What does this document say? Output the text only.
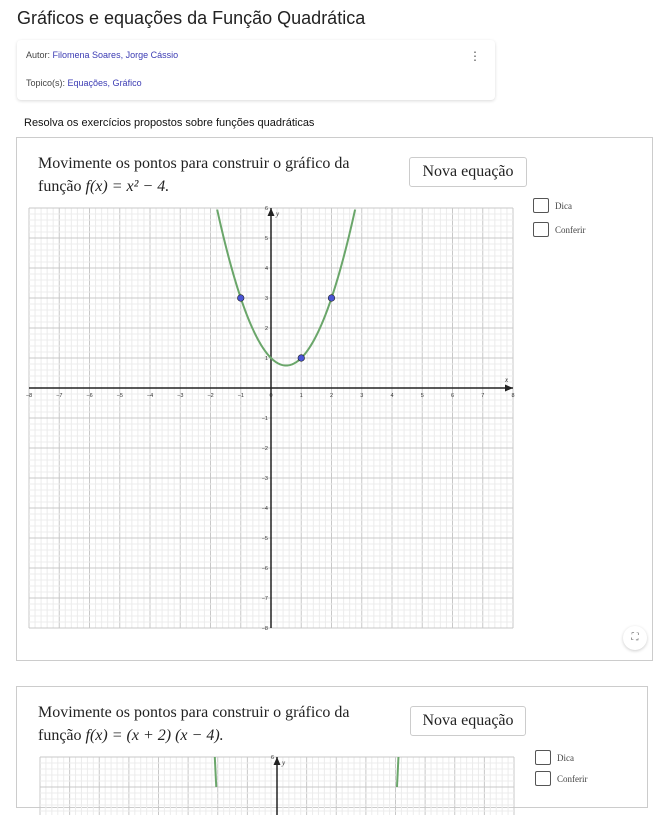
Gráficos e equações da Função Quadrática
Autor: Filomena Soares, Jorge Cássio
Topico(s): Equações, Gráfico
⋮
Resolva os exercícios propostos sobre funções quadráticas
Movimente os pontos para construir o gráfico da
função f(x) = x² − 4.
Nova equação
Dica
Conferir
x
y
−8	−7	−6	−5	−4	−3	−2	−1	0	1	2	3	4	5	6	7	8
−8
−7
−6
−5
−4
−3
−2
−1
1
2
3
4
5
6
⛶
Movimente os pontos para construir o gráfico da
função f(x) = (x + 2) (x − 4).
Nova equação
Dica
Conferir
y
6
